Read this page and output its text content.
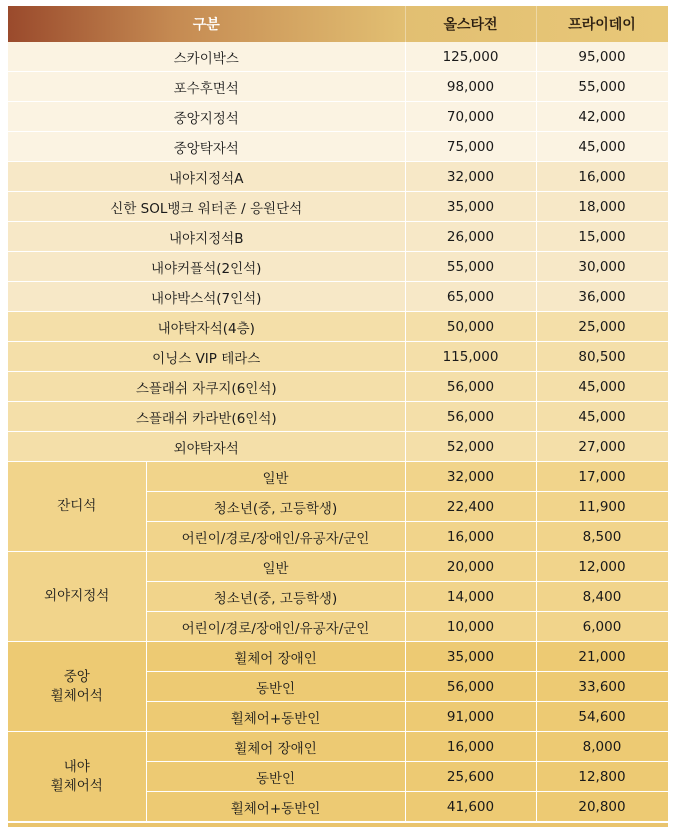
구분		올스타전	프라이데이
스카이박스		125,000	95,000
포수후면석		98,000	55,000
중앙지정석		70,000	42,000
중앙탁자석		75,000	45,000
내야지정석A		32,000	16,000
신한 SOL뱅크 워터존 / 응원단석		35,000	18,000
내야지정석B		26,000	15,000
내야커플석(2인석)		55,000	30,000
내야박스석(7인석)		65,000	36,000
내야탁자석(4층)		50,000	25,000
이닝스 VIP 테라스		115,000	80,500
스플래쉬 자쿠지(6인석)		56,000	45,000
스플래쉬 카라반(6인석)		56,000	45,000
외야탁자석		52,000	27,000
잔디석	일반	32,000	17,000
	청소년(중, 고등학생)	22,400	11,900
	어린이/경로/장애인/유공자/군인	16,000	8,500
외야지정석	일반	20,000	12,000
	청소년(중, 고등학생)	14,000	8,400
	어린이/경로/장애인/유공자/군인	10,000	6,000

중앙
휠체어석	휠체어 장애인	35,000	21,000
	동반인	56,000	33,600
	휠체어+동반인	91,000	54,600

내야
휠체어석	휠체어 장애인	16,000	8,000
	동반인	25,600	12,800
	휠체어+동반인	41,600	20,800
